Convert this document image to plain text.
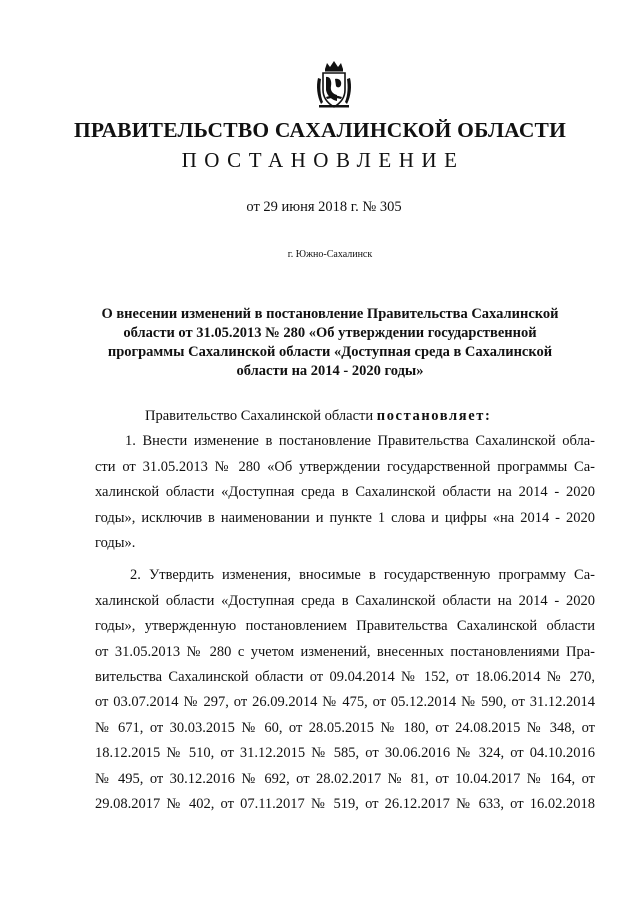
ПРАВИТЕЛЬСТВО САХАЛИНСКОЙ ОБЛАСТИ
ПОСТАНОВЛЕНИЕ
от 29 июня 2018 г. № 305
г. Южно-Сахалинск
О внесении изменений в постановление Правительства Сахалинской области от 31.05.2013 № 280 «Об утверждении государственной программы Сахалинской области «Доступная среда в Сахалинской области на 2014 - 2020 годы»

Правительство Сахалинской области постановляет:

1. Внести изменение в постановление Правительства Сахалинской обла-
сти от 31.05.2013 № 280 «Об утверждении государственной программы Са-
халинской области «Доступная среда в Сахалинской области на 2014 - 2020
годы», исключив в наименовании и пункте 1 слова и цифры «на 2014 - 2020
годы».
2. Утвердить изменения, вносимые в государственную программу Са-
халинской области «Доступная среда в Сахалинской области на 2014 - 2020
годы», утвержденную постановлением Правительства Сахалинской области
от 31.05.2013 № 280 с учетом изменений, внесенных постановлениями Пра-
вительства Сахалинской области от 09.04.2014 № 152, от 18.06.2014 № 270,
от 03.07.2014 № 297, от 26.09.2014 № 475, от 05.12.2014 № 590, от 31.12.2014
№ 671, от 30.03.2015 № 60, от 28.05.2015 № 180, от 24.08.2015 № 348, от
18.12.2015 № 510, от 31.12.2015 № 585, от 30.06.2016 № 324, от 04.10.2016
№ 495, от 30.12.2016 № 692, от 28.02.2017 № 81, от 10.04.2017 № 164, от
29.08.2017 № 402, от 07.11.2017 № 519, от 26.12.2017 № 633, от 16.02.2018
